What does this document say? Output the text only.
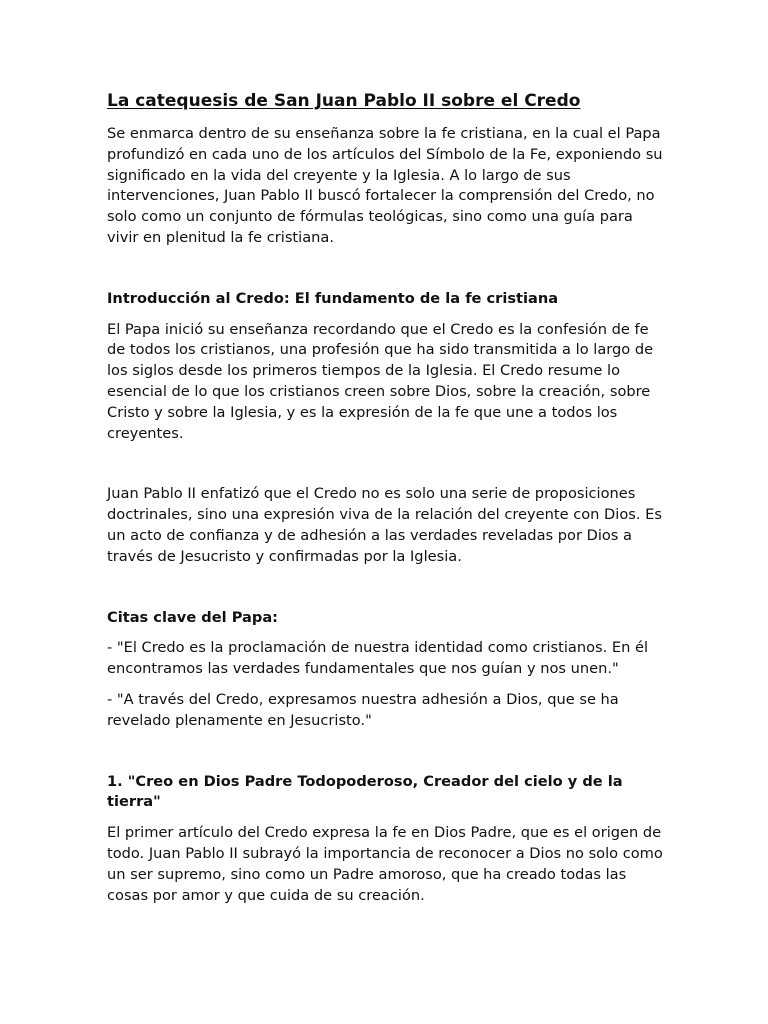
La catequesis de San Juan Pablo II sobre el Credo

Se enmarca dentro de su enseñanza sobre la fe cristiana, en la cual el Papa profundizó en cada uno de los artículos del Símbolo de la Fe, exponiendo su significado en la vida del creyente y la Iglesia. A lo largo de sus intervenciones, Juan Pablo II buscó fortalecer la comprensión del Credo, no solo como un conjunto de fórmulas teológicas, sino como una guía para vivir en plenitud la fe cristiana.

Introducción al Credo: El fundamento de la fe cristiana

El Papa inició su enseñanza recordando que el Credo es la confesión de fe de todos los cristianos, una profesión que ha sido transmitida a lo largo de los siglos desde los primeros tiempos de la Iglesia. El Credo resume lo esencial de lo que los cristianos creen sobre Dios, sobre la creación, sobre Cristo y sobre la Iglesia, y es la expresión de la fe que une a todos los creyentes.

Juan Pablo II enfatizó que el Credo no es solo una serie de proposiciones doctrinales, sino una expresión viva de la relación del creyente con Dios. Es un acto de confianza y de adhesión a las verdades reveladas por Dios a través de Jesucristo y confirmadas por la Iglesia.

Citas clave del Papa:

- "El Credo es la proclamación de nuestra identidad como cristianos. En él encontramos las verdades fundamentales que nos guían y nos unen."

- "A través del Credo, expresamos nuestra adhesión a Dios, que se ha revelado plenamente en Jesucristo."

1. "Creo en Dios Padre Todopoderoso, Creador del cielo y de la tierra"

El primer artículo del Credo expresa la fe en Dios Padre, que es el origen de todo. Juan Pablo II subrayó la importancia de reconocer a Dios no solo como un ser supremo, sino como un Padre amoroso, que ha creado todas las cosas por amor y que cuida de su creación.
